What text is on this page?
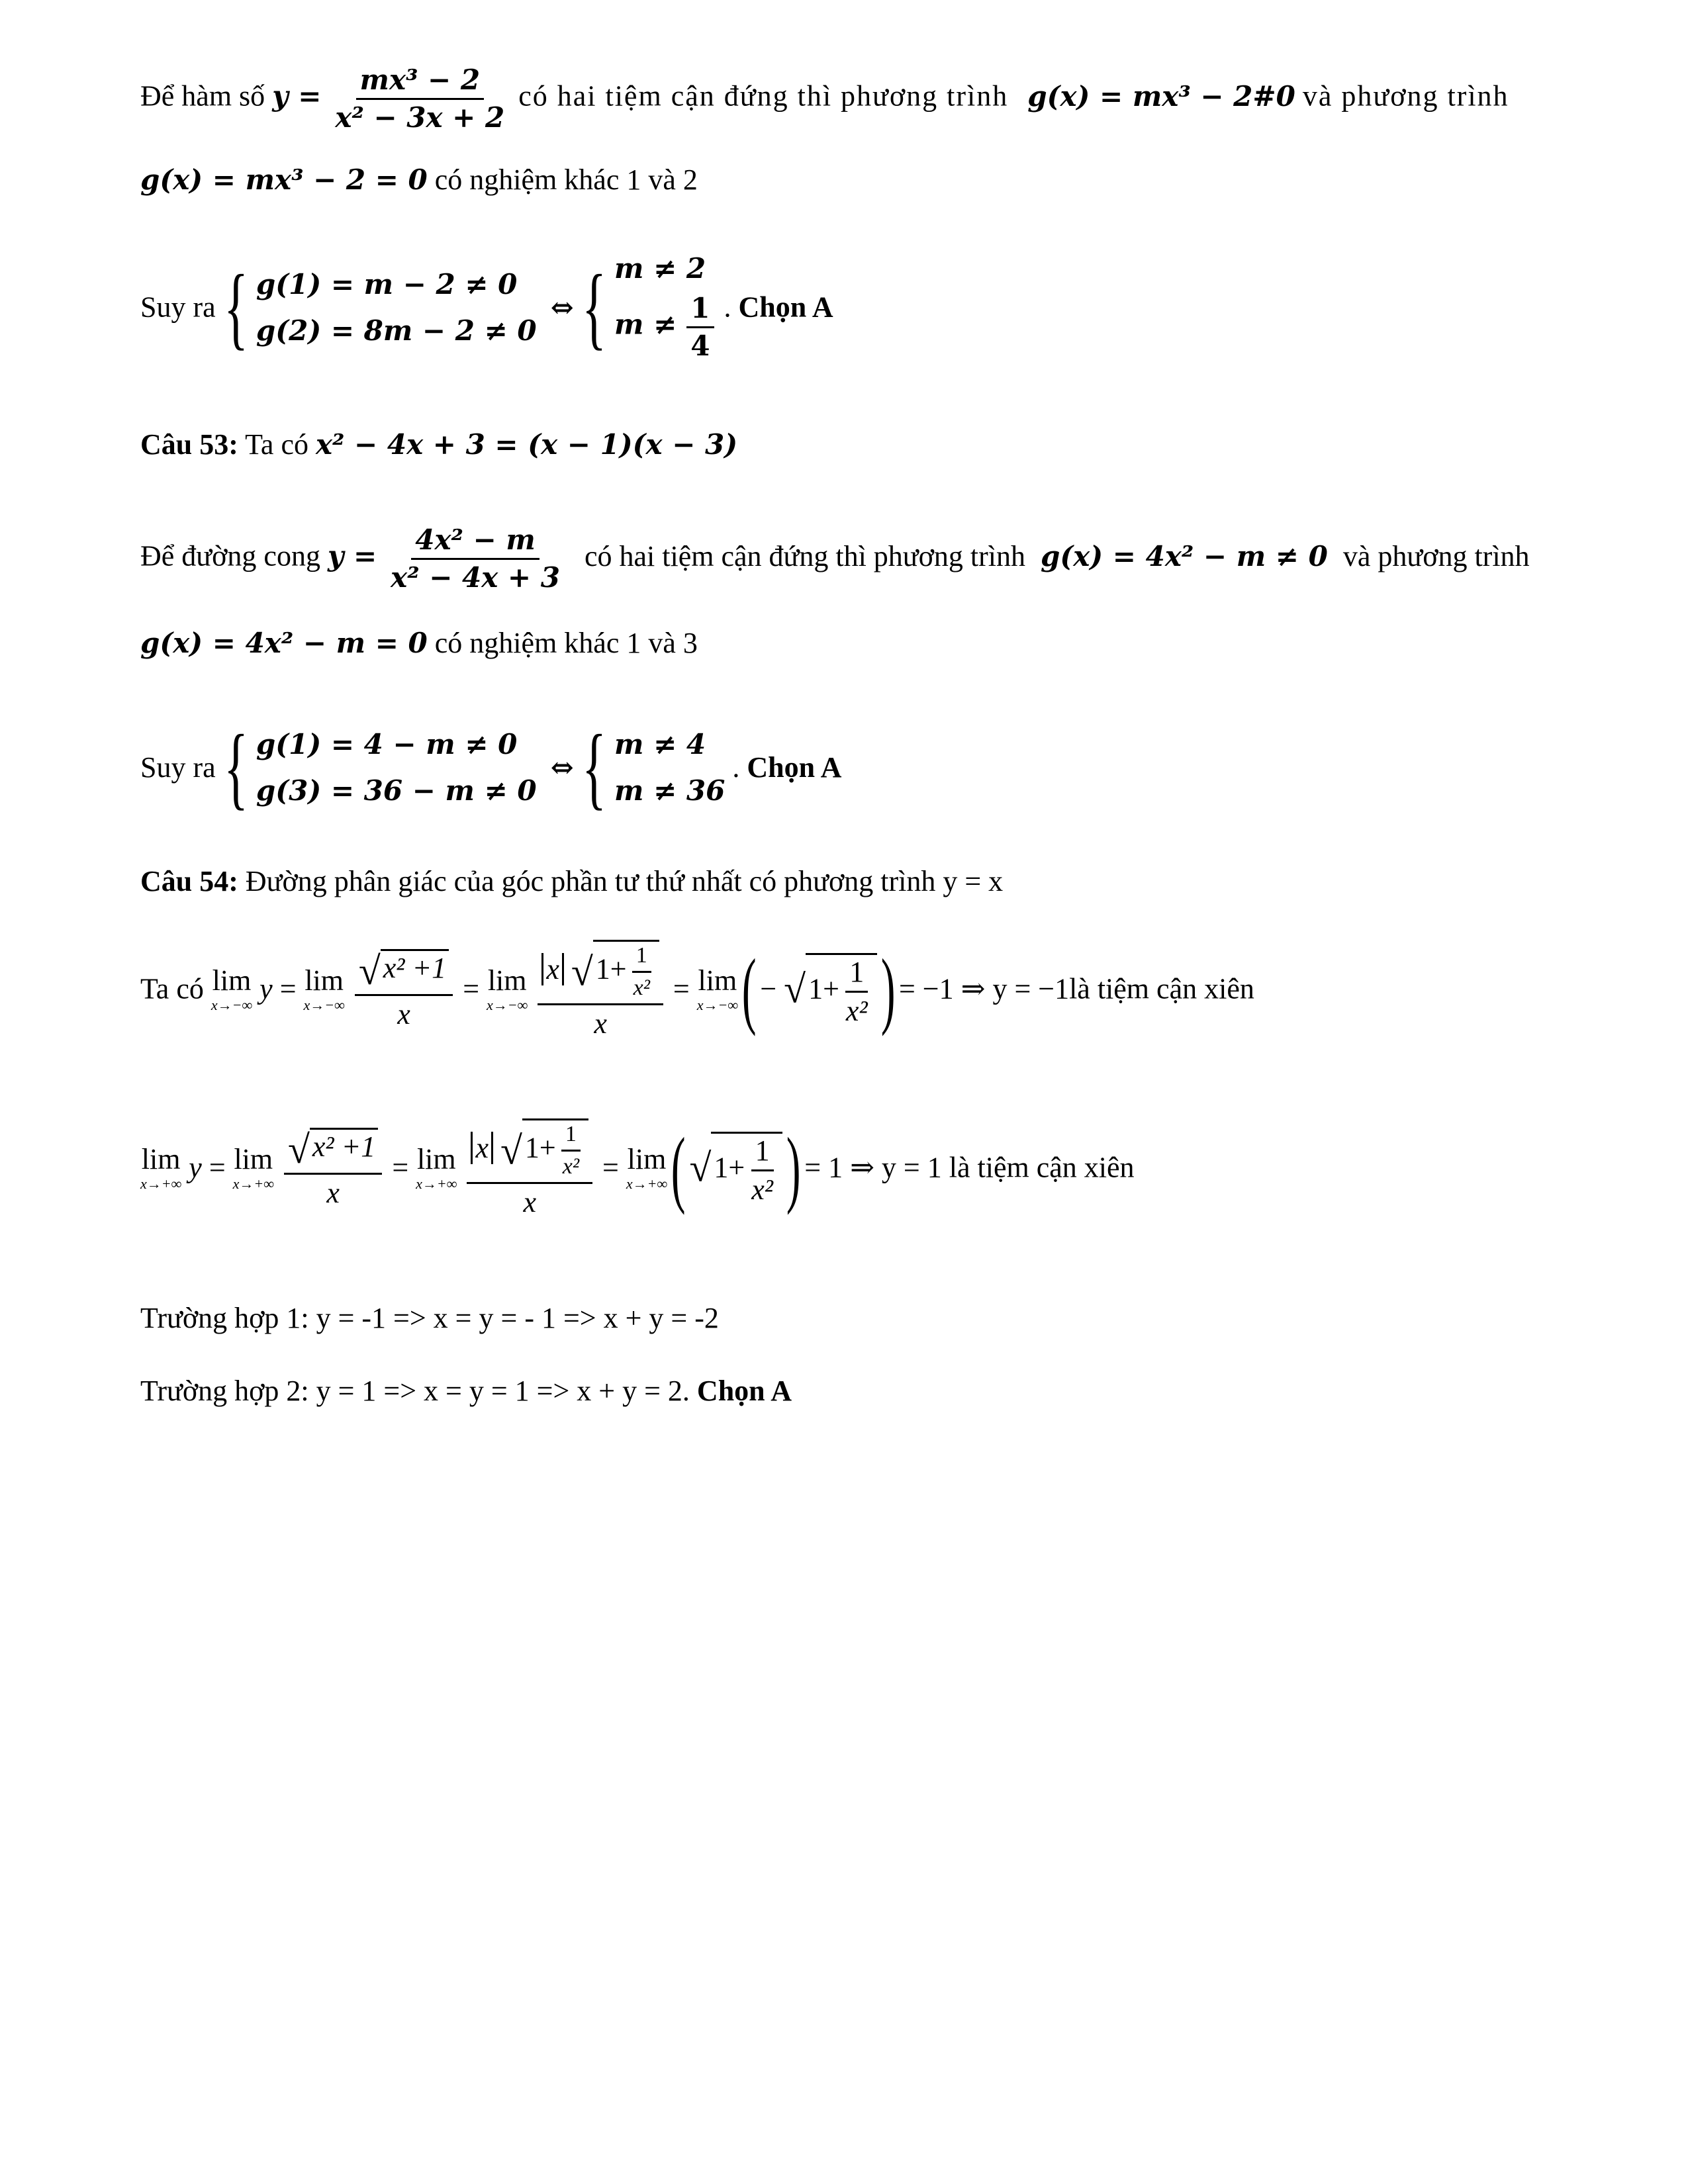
Để hàm số $y = \frac{\text{mx³ − 2}}{\text{x² − 3x + 2}}$ có hai tiệm cận đứng thì phương trình g(x) = mx³ − 2#0 và phương trình
g(x) = mx³ − 2 = 0 có nghiệm khác 1 và 2
Suy ra { g(1) = m − 2 ≠ 0
g(2) = 8m − 2 ≠ 0
⇔ { m ≠ 2
$m \ne \frac{1}{4}$ . Chọn A
Câu 53: Ta có x² − 4x + 3 = (x − 1)(x − 3)
Để đường cong $y = \frac{\text{4x² − m}}{\text{x² − 4x + 3}}$ có hai tiệm cận đứng thì phương trình g(x) = 4x² − m ≠ 0 và phương trình
g(x) = 4x² − m = 0 có nghiệm khác 1 và 3
Suy ra { g(1) = 4 − m ≠ 0
g(3) = 36 − m ≠ 0
⇔ { m ≠ 4
m ≠ 36
. Chọn A
Câu 54: Đường phân giác của góc phần tư thứ nhất có phương trình y = x
Ta có lim
x→−∞ y = lim
x→−∞
$\frac{\text{√x² +1}}{x} = \lim$
x→−∞
$\frac{x √1+ \frac{1}{\text{x²}}}{x} = \lim$
x→−∞ ( − $√1+ \frac{1}{\text{x²}}$ ) = −1 ⇒ y = −1là tiệm cận xiên
lim
x→+∞ y = lim
x→+∞
$\frac{\text{√x² +1}}{x} = \lim$
x→+∞
$\frac{x √1+ \frac{1}{\text{x²}}}{x} = \lim$
x→+∞ ( $√1+ \frac{1}{\text{x²}}$ ) = 1 ⇒ y = 1 là tiệm cận xiên
Trường hợp 1: y = -1 => x = y = - 1 => x + y = -2
Trường hợp 2: y = 1 => x = y = 1 => x + y = 2. Chọn A
